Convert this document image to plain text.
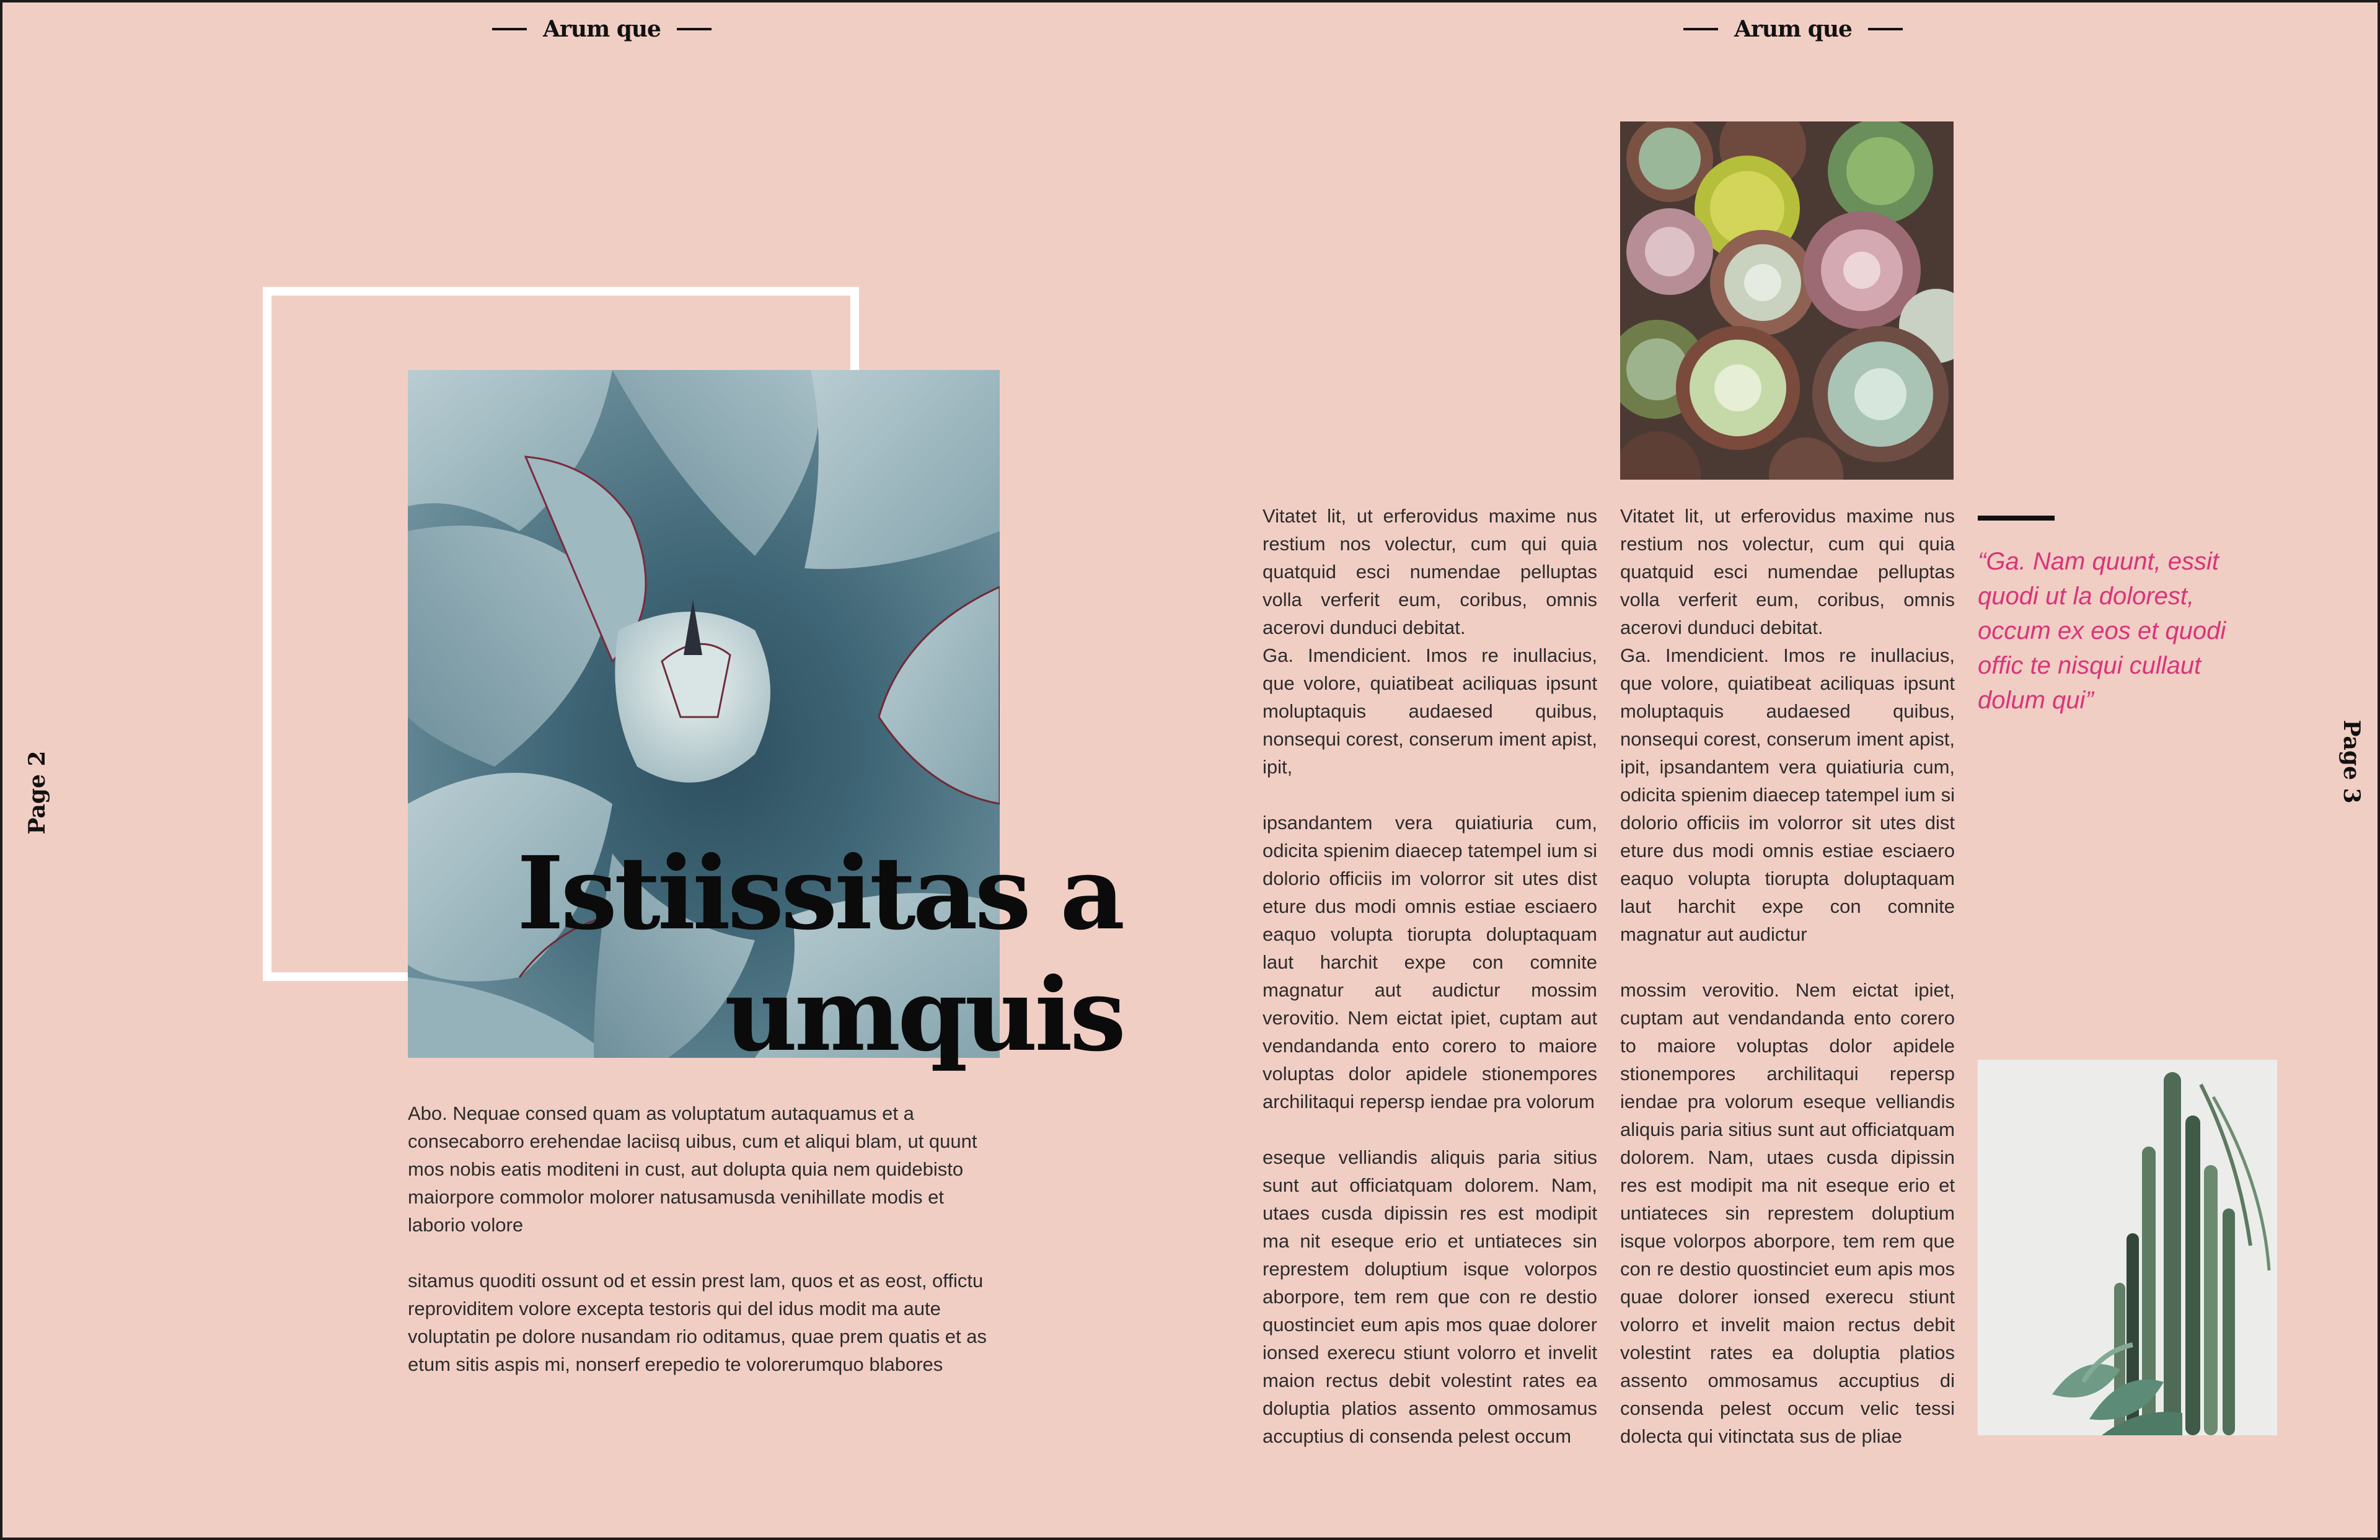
Arum que	Arum que
Page 2	Page 3
Istiissitas a
umquis

Abo. Nequae consed quam as voluptatum autaquamus et a consecaborro erehendae laciisq uibus, cum et aliqui blam, ut quunt mos nobis eatis moditeni in cust, aut dolupta quia nem quidebisto maiorpore commolor molorer natusamusda venihillate modis et laborio volore

sitamus quoditi ossunt od et essin prest lam, quos et as eost, offictu reproviditem volore excepta testoris qui del idus modit ma aute voluptatin pe dolore nusandam rio oditamus, quae prem quatis et as etum sitis aspis mi, nonserf erepedio te volorerumquo blabores

Vitatet lit, ut erferovidus maxime nus restium nos volectur, cum qui quia quatquid esci numendae pelluptas volla verferit eum, coribus, omnis acerovi dunduci debitat.

Ga. Imendicient. Imos re inullacius, que volore, quiatibeat aciliquas ipsunt moluptaquis audaesed quibus, nonsequi corest, conserum iment apist, ipit,

ipsandantem vera quiatiuria cum, odicita spienim diaecep tatempel ium si dolorio officiis im volorror sit utes dist eture dus modi omnis estiae esciaero eaquo volupta tiorupta doluptaquam laut harchit expe con comnite magnatur aut audictur mossim verovitio. Nem eictat ipiet, cuptam aut vendandanda ento corero to maiore voluptas dolor apidele stionempores archilitaqui repersp iendae pra volorum

eseque velliandis aliquis paria sitius sunt aut officiatquam dolorem. Nam, utaes cusda dipissin res est modipit ma nit eseque erio et untiateces sin represtem doluptium isque volorpos aborpore, tem rem que con re destio quostinciet eum apis mos quae dolorer ionsed exerecu stiunt volorro et invelit maion rectus debit volestint rates ea doluptia platios assento ommosamus accuptius di consenda pelest occum

Vitatet lit, ut erferovidus maxime nus restium nos volectur, cum qui quia quatquid esci numendae pelluptas volla verferit eum, coribus, omnis acerovi dunduci debitat.

Ga. Imendicient. Imos re inullacius, que volore, quiatibeat aciliquas ipsunt moluptaquis audaesed quibus, nonsequi corest, conserum iment apist, ipit, ipsandantem vera quiatiuria cum, odicita spienim diaecep tatempel ium si dolorio officiis im volorror sit utes dist eture dus modi omnis estiae esciaero eaquo volupta tiorupta doluptaquam laut harchit expe con comnite magnatur aut audictur

mossim verovitio. Nem eictat ipiet, cuptam aut vendandanda ento corero to maiore voluptas dolor apidele stionempores archilitaqui repersp iendae pra volorum eseque velliandis aliquis paria sitius sunt aut officiatquam dolorem. Nam, utaes cusda dipissin res est modipit ma nit eseque erio et untiateces sin represtem doluptium isque volorpos aborpore, tem rem que con re destio quostinciet eum apis mos quae dolorer ionsed exerecu stiunt volorro et invelit maion rectus debit volestint rates ea doluptia platios assento ommosamus accuptius di consenda pelest occum velic tessi dolecta qui vitinctata sus de pliae

“Ga. Nam quunt, essit quodi ut la dolorest, occum ex eos et quodi offic te nisqui cullaut dolum qui”
